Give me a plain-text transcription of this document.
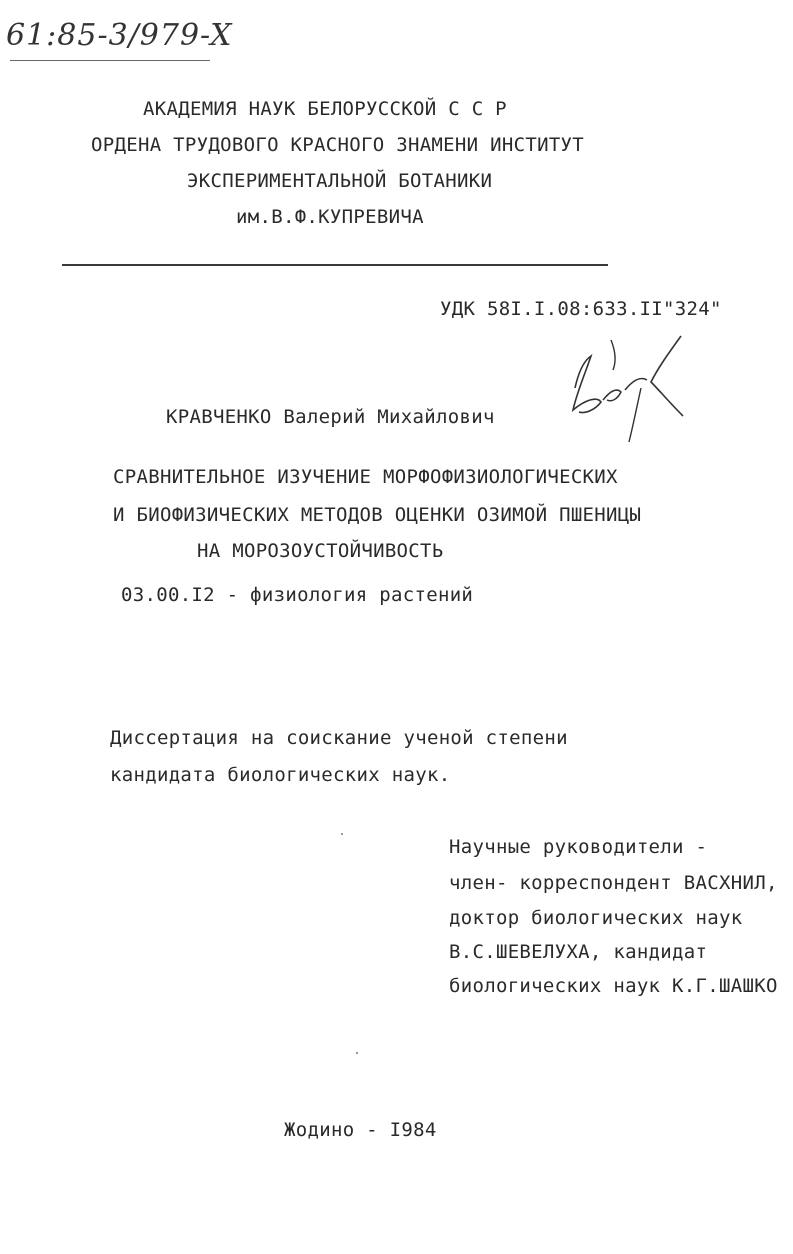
61:85-3/979-X
АКАДЕМИЯ НАУК БЕЛОРУССКОЙ С С Р
ОРДЕНА ТРУДОВОГО КРАСНОГО ЗНАМЕНИ ИНСТИТУТ
ЭКСПЕРИМЕНТАЛЬНОЙ БОТАНИКИ
им.В.Ф.КУПРЕВИЧА
УДК 58I.I.08:633.II"324"
КРАВЧЕНКО Валерий Михайлович
СРАВНИТЕЛЬНОЕ ИЗУЧЕНИЕ МОРФОФИЗИОЛОГИЧЕСКИХ
И БИОФИЗИЧЕСКИХ МЕТОДОВ ОЦЕНКИ ОЗИМОЙ ПШЕНИЦЫ
НА МОРОЗОУСТОЙЧИВОСТЬ
03.00.I2 - физиология растений
Диссертация на соискание ученой степени
кандидата биологических наук.
Научные руководители -
член- корреспондент ВАСХНИЛ,
доктор биологических наук
В.С.ШЕВЕЛУХА, кандидат
биологических наук К.Г.ШАШКО
Жодино - I984
